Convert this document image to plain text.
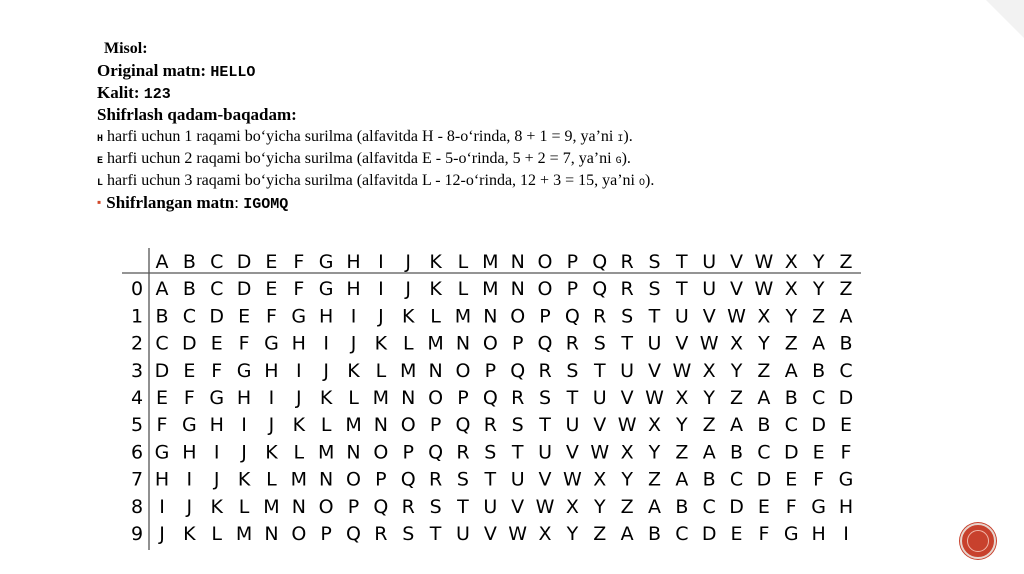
Misol:
Original matn: HELLO
Kalit: 123
Shifrlash qadam-baqadam:
H harfi uchun 1 raqami bo‘yicha surilma (alfavitda H - 8-o‘rinda, 8 + 1 = 9, ya’ni I).
E harfi uchun 2 raqami bo‘yicha surilma (alfavitda E - 5-o‘rinda, 5 + 2 = 7, ya’ni G).
L harfi uchun 3 raqami bo‘yicha surilma (alfavitda L - 12-o‘rinda, 12 + 3 = 15, ya’ni O).
▪ Shifrlangan matn: IGOMQ
A B C D E F G H I J K L M N O P Q R S T U V W X Y Z
0 A B C D E F G H I J K L M N O P Q R S T U V W X Y Z
1 B C D E F G H I J K L M N O P Q R S T U V W X Y Z A
2 C D E F G H I J K L M N O P Q R S T U V W X Y Z A B
3 D E F G H I J K L M N O P Q R S T U V W X Y Z A B C
4 E F G H I J K L M N O P Q R S T U V W X Y Z A B C D
5 F G H I J K L M N O P Q R S T U V W X Y Z A B C D E
6 G H I J K L M N O P Q R S T U V W X Y Z A B C D E F
7 H I J K L M N O P Q R S T U V W X Y Z A B C D E F G
8 I J K L M N O P Q R S T U V W X Y Z A B C D E F G H
9 J K L M N O P Q R S T U V W X Y Z A B C D E F G H I
